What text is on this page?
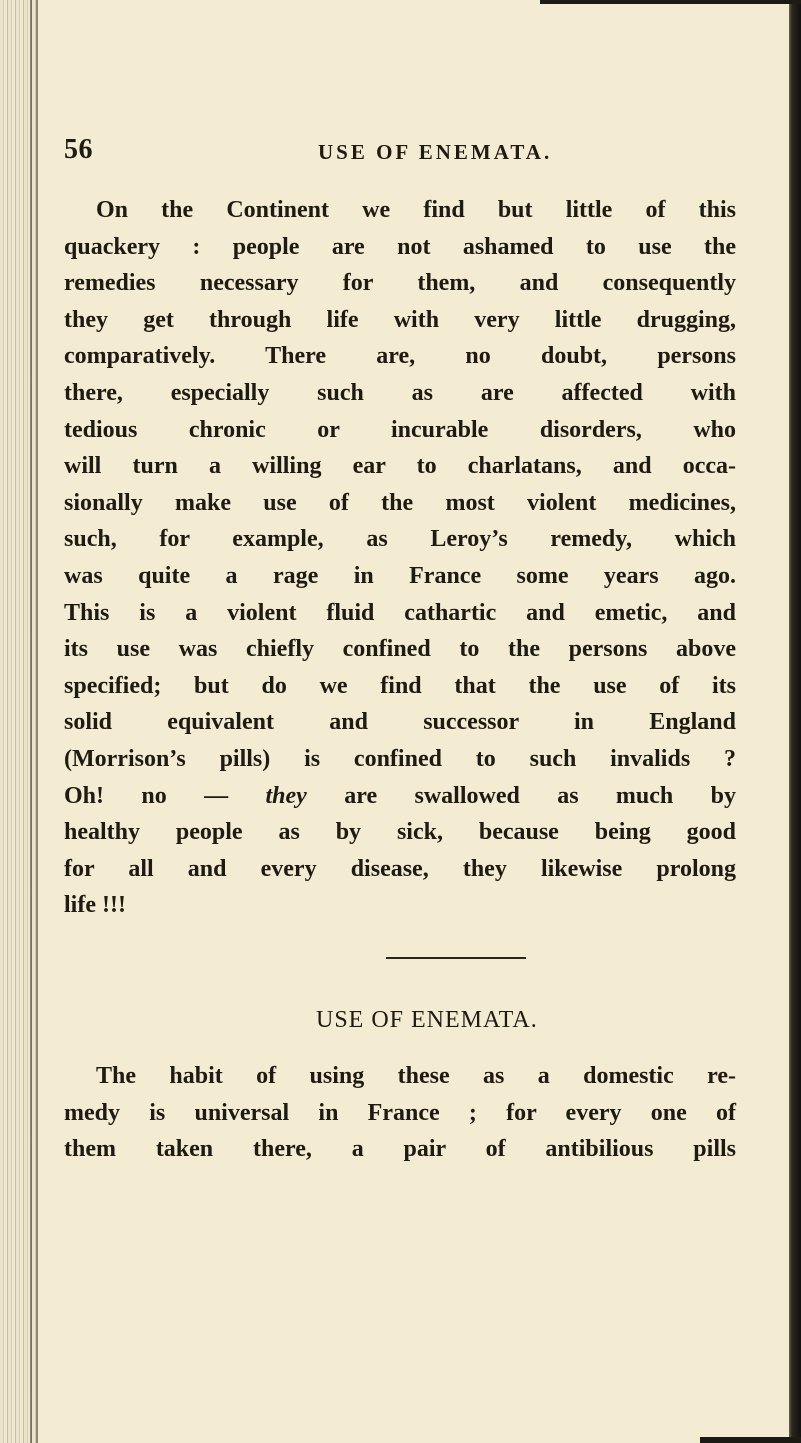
56	USE OF ENEMATA.

On the Continent we find but little of this
quackery : people are not ashamed to use the
remedies necessary for them, and consequently
they get through life with very little drugging,
comparatively. There are, no doubt, persons
there, especially such as are affected with
tedious chronic or incurable disorders, who
will turn a willing ear to charlatans, and occa-
sionally make use of the most violent medicines,
such, for example, as Leroy’s remedy, which
was quite a rage in France some years ago.
This is a violent fluid cathartic and emetic, and
its use was chiefly confined to the persons above
specified; but do we find that the use of its
solid equivalent and successor in England
(Morrison’s pills) is confined to such invalids ?
Oh! no — they are swallowed as much by
healthy people as by sick, because being good
for all and every disease, they likewise prolong
life !!!

USE OF ENEMATA.

The habit of using these as a domestic re-
medy is universal in France ; for every one of
them taken there, a pair of antibilious pills
